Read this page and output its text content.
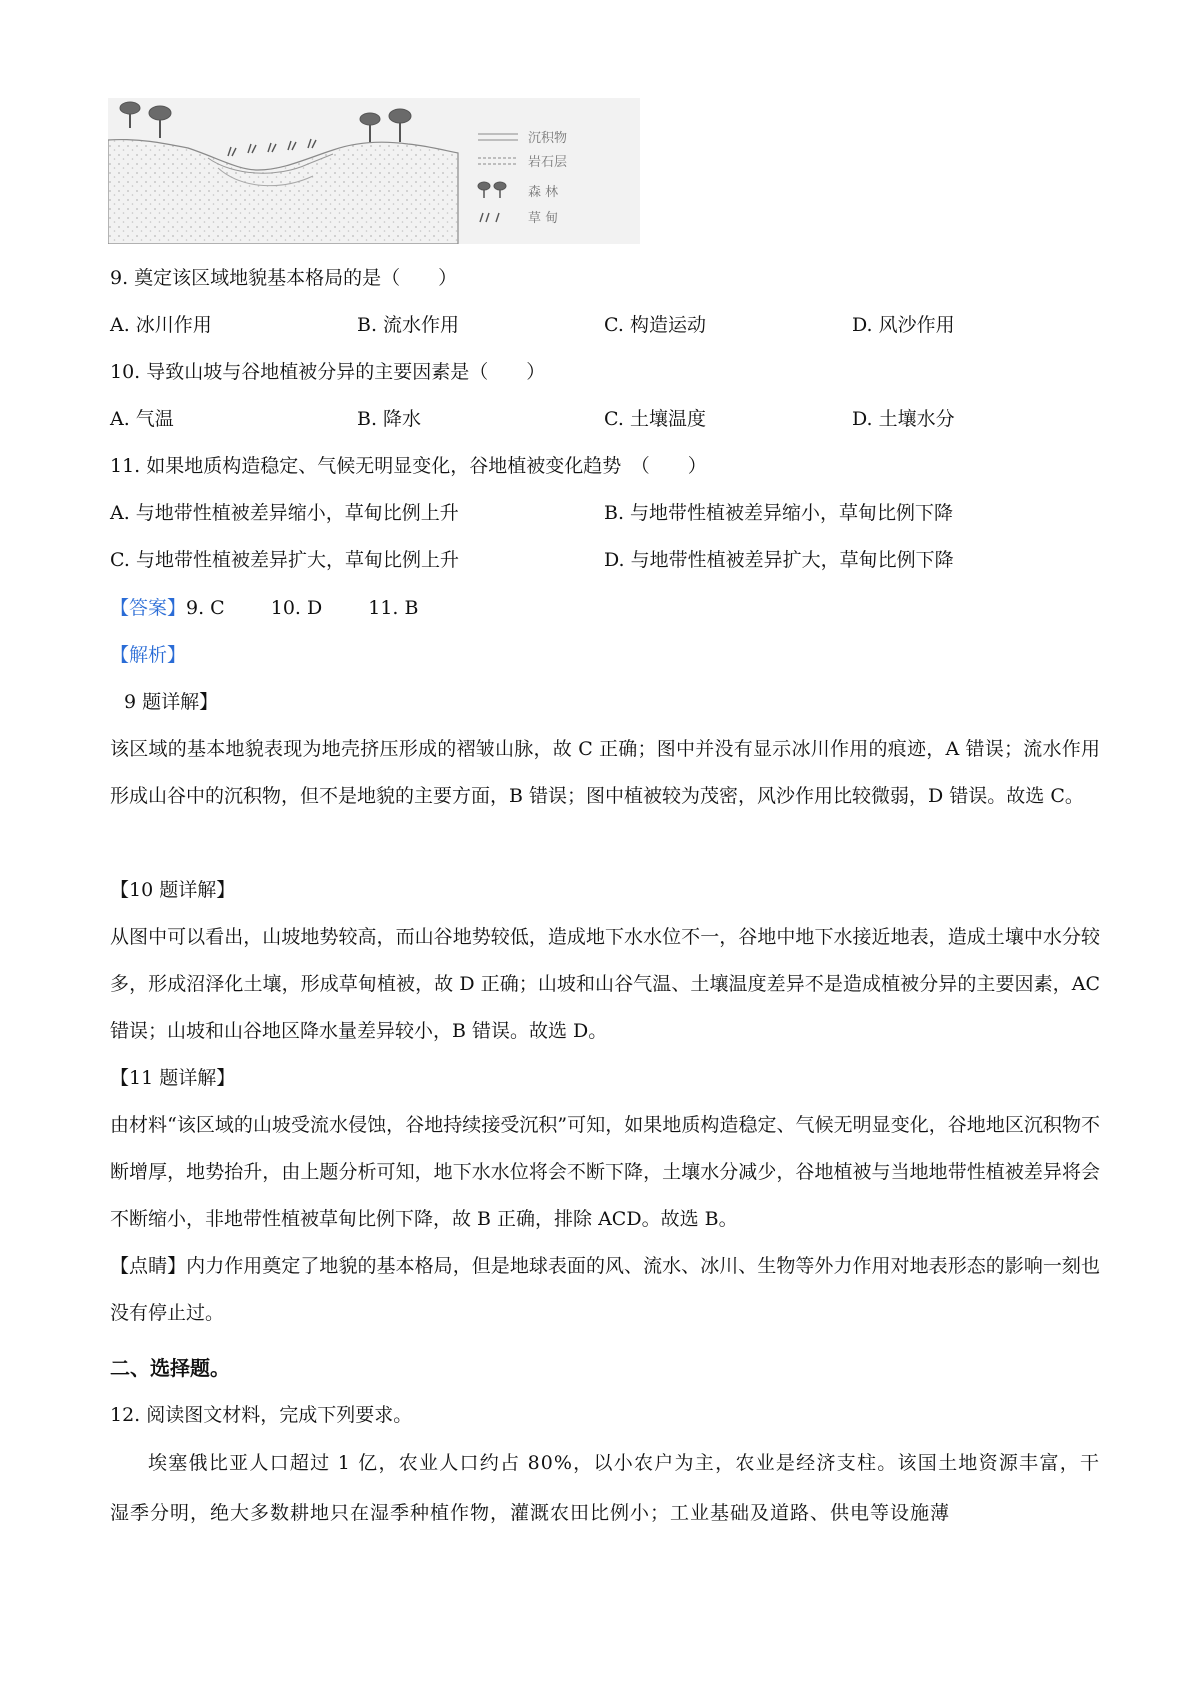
沉积物
岩石层
森 林
草 甸
9. 奠定该区域地貌基本格局的是（　　）
A. 冰川作用	B. 流水作用	C. 构造运动	D. 风沙作用
10. 导致山坡与谷地植被分异的主要因素是（　　）
A. 气温	B. 降水	C. 土壤温度	D. 土壤水分
11. 如果地质构造稳定、气候无明显变化，谷地植被变化趋势　（　　）
A. 与地带性植被差异缩小，草甸比例上升	B. 与地带性植被差异缩小，草甸比例下降
C. 与地带性植被差异扩大，草甸比例上升	D. 与地带性植被差异扩大，草甸比例下降
【答案】9. C 10. D 11. B
【解析】
9 题详解】
该区域的基本地貌表现为地壳挤压形成的褶皱山脉，故 C 正确；图中并没有显示冰川作用的痕迹，A 错误；流水作用形成山谷中的沉积物，但不是地貌的主要方面，B 错误；图中植被较为茂密，风沙作用比较微弱，D 错误。故选 C。
【10 题详解】
从图中可以看出，山坡地势较高，而山谷地势较低，造成地下水水位不一，谷地中地下水接近地表，造成土壤中水分较多，形成沼泽化土壤，形成草甸植被，故 D 正确；山坡和山谷气温、土壤温度差异不是造成植被分异的主要因素，AC 错误；山坡和山谷地区降水量差异较小，B 错误。故选 D。
【11 题详解】
由材料“该区域的山坡受流水侵蚀，谷地持续接受沉积”可知，如果地质构造稳定、气候无明显变化，谷地地区沉积物不断增厚，地势抬升，由上题分析可知，地下水水位将会不断下降，土壤水分减少，谷地植被与当地地带性植被差异将会不断缩小，非地带性植被草甸比例下降，故 B 正确，排除 ACD。故选 B。
【点睛】内力作用奠定了地貌的基本格局，但是地球表面的风、流水、冰川、生物等外力作用对地表形态的影响一刻也没有停止过。
二、选择题。
12. 阅读图文材料，完成下列要求。
埃塞俄比亚人口超过 1 亿，农业人口约占 80%，以小农户为主，农业是经济支柱。该国土地资源丰富，干湿季分明，绝大多数耕地只在湿季种植作物，灌溉农田比例小；工业基础及道路、供电等设施薄
